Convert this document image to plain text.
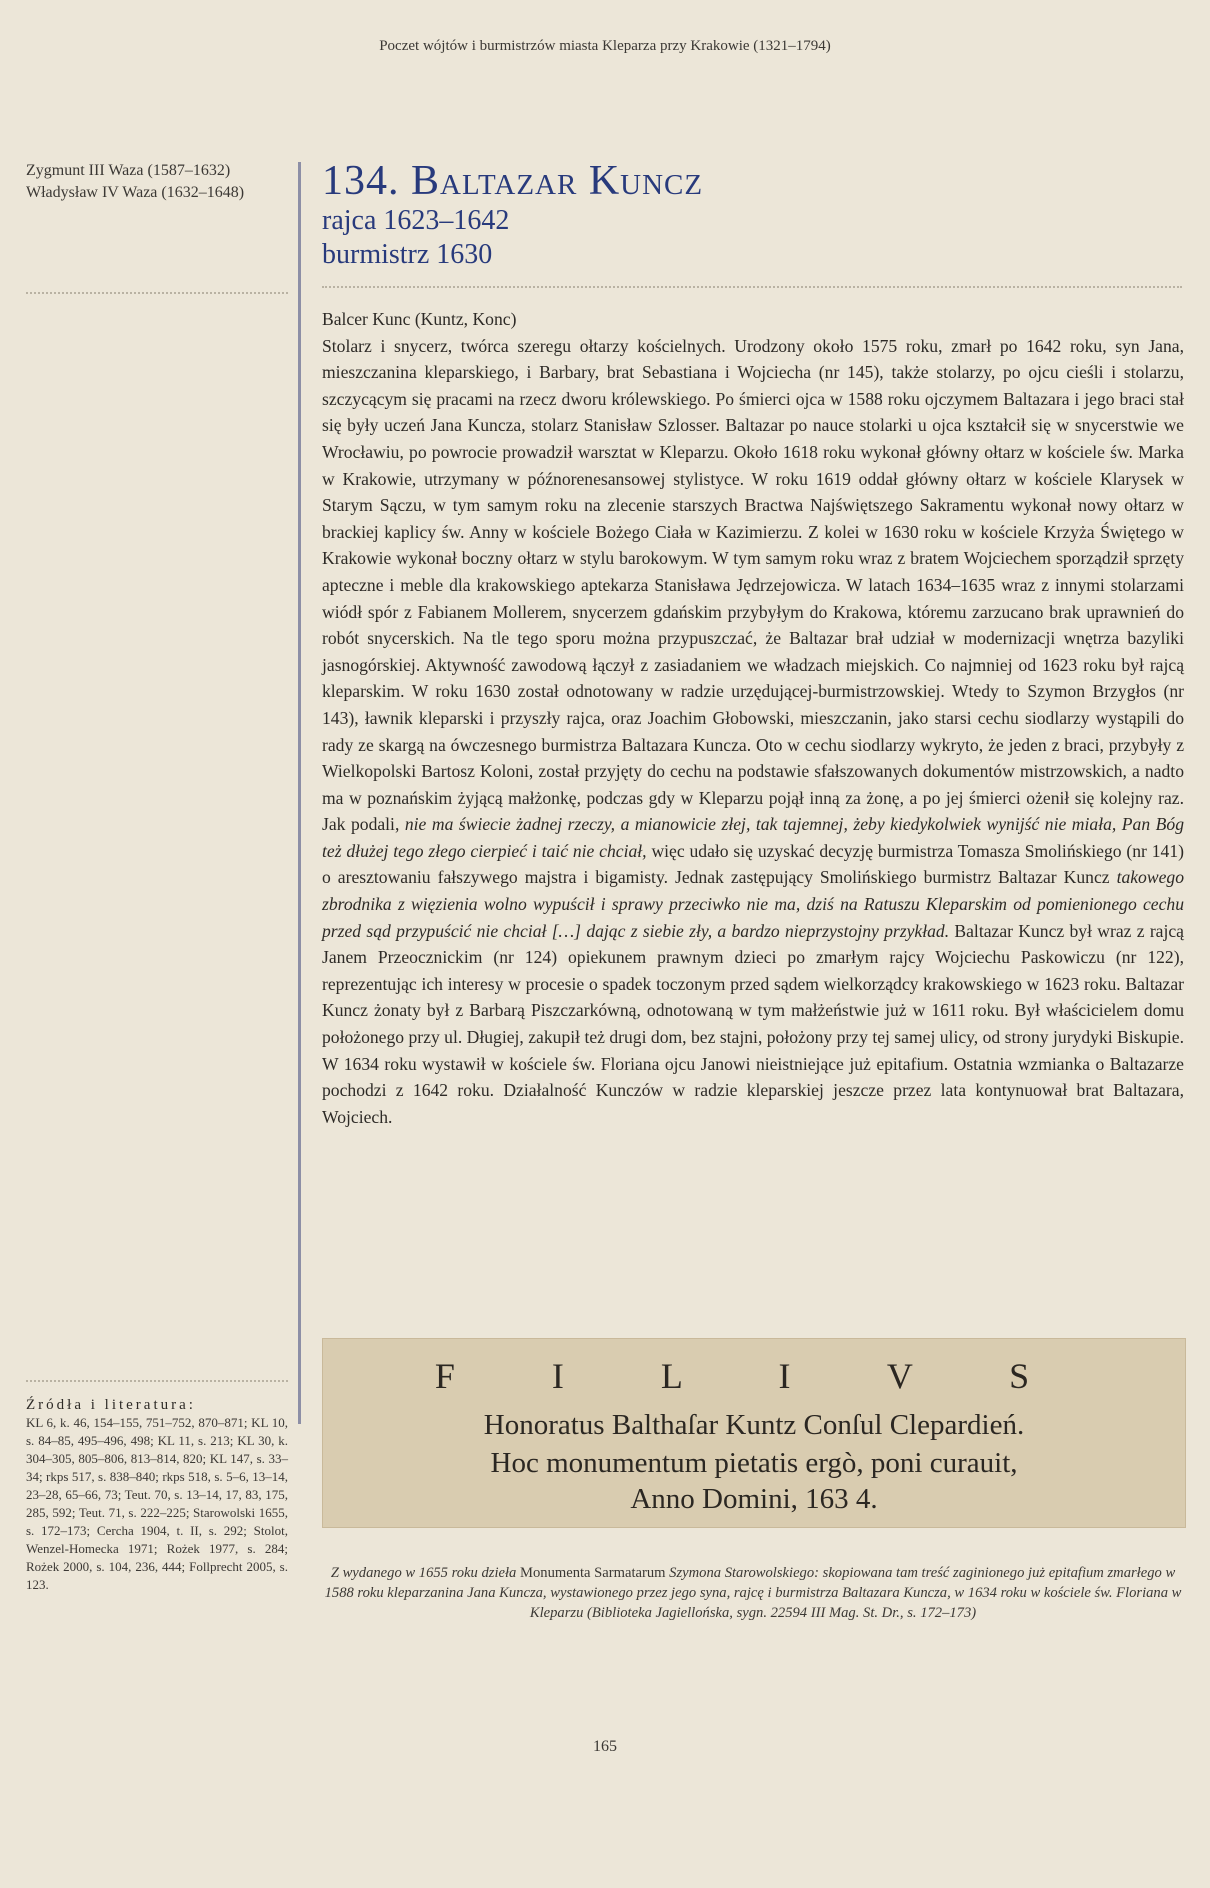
Poczet wójtów i burmistrzów miasta Kleparza przy Krakowie (1321–1794)
Zygmunt III Waza (1587–1632)
Władysław IV Waza (1632–1648)	134. Baltazar Kuncz
rajca 1623–1642
burmistrz 1630

Balcer Kunc (Kuntz, Konc)

Stolarz i snycerz, twórca szeregu ołtarzy kościelnych. Urodzony około 1575 roku, zmarł po 1642 roku, syn Jana, mieszczanina kleparskiego, i Barbary, brat Sebastiana i Wojciecha (nr 145), także stolarzy, po ojcu cieśli i stolarzu, szczycącym się pracami na rzecz dworu królewskiego. Po śmierci ojca w 1588 roku ojczymem Baltazara i jego braci stał się były uczeń Jana Kuncza, stolarz Stanisław Szlosser. Baltazar po nauce stolarki u ojca kształcił się w snycerstwie we Wrocławiu, po powrocie prowadził warsztat w Kleparzu. Około 1618 roku wykonał główny ołtarz w kościele św. Marka w Krakowie, utrzymany w późnorenesansowej stylistyce. W roku 1619 oddał główny ołtarz w kościele Klarysek w Starym Sączu, w tym samym roku na zlecenie starszych Bractwa Najświętszego Sakramentu wykonał nowy ołtarz w brackiej kaplicy św. Anny w kościele Bożego Ciała w Kazimierzu. Z kolei w 1630 roku w kościele Krzyża Świętego w Krakowie wykonał boczny ołtarz w stylu barokowym. W tym samym roku wraz z bratem Wojciechem sporządził sprzęty apteczne i meble dla krakowskiego aptekarza Stanisława Jędrzejowicza. W latach 1634–1635 wraz z innymi stolarzami wiódł spór z Fabianem Mollerem, snycerzem gdańskim przybyłym do Krakowa, któremu zarzucano brak uprawnień do robót snycerskich. Na tle tego sporu można przypuszczać, że Baltazar brał udział w modernizacji wnętrza bazyliki jasnogórskiej. Aktywność zawodową łączył z zasiadaniem we władzach miejskich. Co najmniej od 1623 roku był rajcą kleparskim. W roku 1630 został odnotowany w radzie urzędującej-burmistrzowskiej. Wtedy to Szymon Brzygłos (nr 143), ławnik kleparski i przyszły rajca, oraz Joachim Głobowski, mieszczanin, jako starsi cechu siodlarzy wystąpili do rady ze skargą na ówczesnego burmistrza Baltazara Kuncza. Oto w cechu siodlarzy wykryto, że jeden z braci, przybyły z Wielkopolski Bartosz Koloni, został przyjęty do cechu na podstawie sfałszowanych dokumentów mistrzowskich, a nadto ma w poznańskim żyjącą małżonkę, podczas gdy w Kleparzu pojął inną za żonę, a po jej śmierci ożenił się kolejny raz. Jak podali, nie ma świecie żadnej rzeczy, a mianowicie złej, tak tajemnej, żeby kiedykolwiek wynijść nie miała, Pan Bóg też dłużej tego złego cierpieć i taić nie chciał, więc udało się uzyskać decyzję burmistrza Tomasza Smolińskiego (nr 141) o aresztowaniu fałszywego majstra i bigamisty. Jednak zastępujący Smolińskiego burmistrz Baltazar Kuncz takowego zbrodnika z więzienia wolno wypuścił i sprawy przeciwko nie ma, dziś na Ratuszu Kleparskim od pomienionego cechu przed sąd przypuścić nie chciał […] dając z siebie zły, a bardzo nieprzystojny przykład. Baltazar Kuncz był wraz z rajcą Janem Przeocznickim (nr 124) opiekunem prawnym dzieci po zmarłym rajcy Wojciechu Paskowiczu (nr 122), reprezentując ich interesy w procesie o spadek toczonym przed sądem wielkorządcy krakowskiego w 1623 roku. Baltazar Kuncz żonaty był z Barbarą Piszczarkówną, odnotowaną w tym małżeństwie już w 1611 roku. Był właścicielem domu położonego przy ul. Długiej, zakupił też drugi dom, bez stajni, położony przy tej samej ulicy, od strony jurydyki Biskupie. W 1634 roku wystawił w kościele św. Floriana ojcu Janowi nieistniejące już epitafium. Ostatnia wzmianka o Baltazarze pochodzi z 1642 roku. Działalność Kunczów w radzie kleparskiej jeszcze przez lata kontynuował brat Baltazara, Wojciech.

Źródła i literatura:
KL 6, k. 46, 154–155, 751–752, 870–871; KL 10, s. 84–85, 495–496, 498; KL 11, s. 213; KL 30, k. 304–305, 805–806, 813–814, 820; KL 147, s. 33–34; rkps 517, s. 838–840; rkps 518, s. 5–6, 13–14, 23–28, 65–66, 73; Teut. 70, s. 13–14, 17, 83, 175, 285, 592; Teut. 71, s. 222–225; Starowolski 1655, s. 172–173; Cercha 1904, t. II, s. 292; Stolot, Wenzel-Homecka 1971; Rożek 1977, s. 284; Rożek 2000, s. 104, 236, 444; Follprecht 2005, s. 123.
F I L I V S
Honoratus Balthaſar Kuntz Conſul Clepardień.
Hoc monumentum pietatis ergò, poni curauit,
Anno Domini, 163 4.
Z wydanego w 1655 roku dzieła Monumenta Sarmatarum Szymona Starowolskiego: skopiowana tam treść zaginionego już epitafium zmarłego w 1588 roku kleparzanina Jana Kuncza, wystawionego przez jego syna, rajcę i burmistrza Baltazara Kuncza, w 1634 roku w kościele św. Floriana w Kleparzu (Biblioteka Jagiellońska, sygn. 22594 III Mag. St. Dr., s. 172–173)
165
